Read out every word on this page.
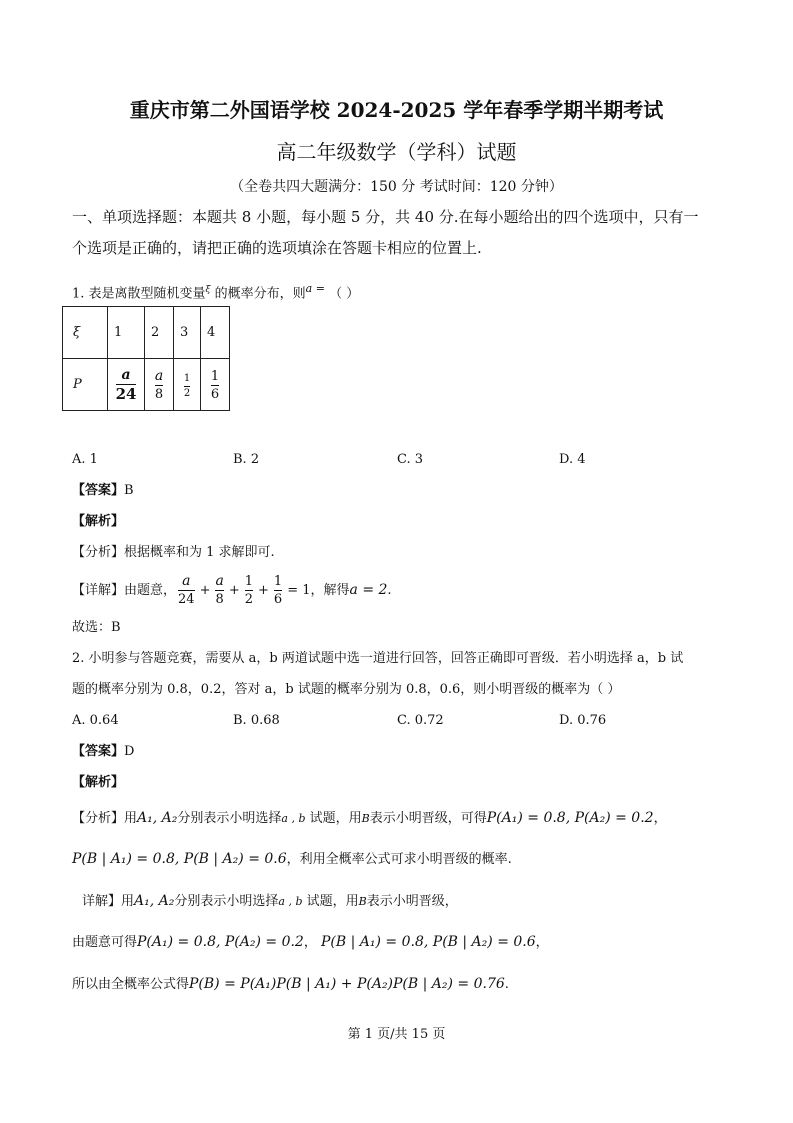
重庆市第二外国语学校 2024-2025 学年春季学期半期考试
高二年级数学（学科）试题
（全卷共四大题满分：150 分 考试时间：120 分钟）
一、单项选择题：本题共 8 小题，每小题 5 分，共 40 分.在每小题给出的四个选项中，只有一
个选项是正确的，请把正确的选项填涂在答题卡相应的位置上.
1. 表是离散型随机变量$^\xi$ 的概率分布，则$^{a =}$ （ ）
ξ	1	2	3	4
P	$\frac{a}{24}$	$\frac{a}{8}$	$\frac{1}{2}$	$\frac{1}{6}$
A. 1	B. 2	C. 3	D. 4
【答案】B
【解析】
【分析】根据概率和为 1 求解即可.
【详解】由题意， $\frac{a}{24} + \frac{a}{8} + \frac{1}{2} + \frac{1}{6} = 1$ ，解得 a = 2 .
故选：B
2. 小明参与答题竞赛，需要从 a，b 两道试题中选一道进行回答，回答正确即可晋级．若小明选择 a，b 试
题的概率分别为 0.8，0.2，答对 a，b 试题的概率分别为 0.8，0.6，则小明晋级的概率为（ ）
A. 0.64	B. 0.68	C. 0.72	D. 0.76
【答案】D
【解析】
【分析】用A₁, A₂分别表示小明选择a , b 试题，用B表示小明晋级，可得P(A₁) = 0.8, P(A₂) = 0.2，
P(B | A₁) = 0.8, P(B | A₂) = 0.6，利用全概率公式可求小明晋级的概率.
详解】用A₁, A₂分别表示小明选择a , b 试题，用B表示小明晋级，
由题意可得P(A₁) = 0.8, P(A₂) = 0.2， P(B | A₁) = 0.8, P(B | A₂) = 0.6，
所以由全概率公式得P(B) = P(A₁)P(B | A₁) + P(A₂)P(B | A₂) = 0.76.
第 1 页/共 15 页
